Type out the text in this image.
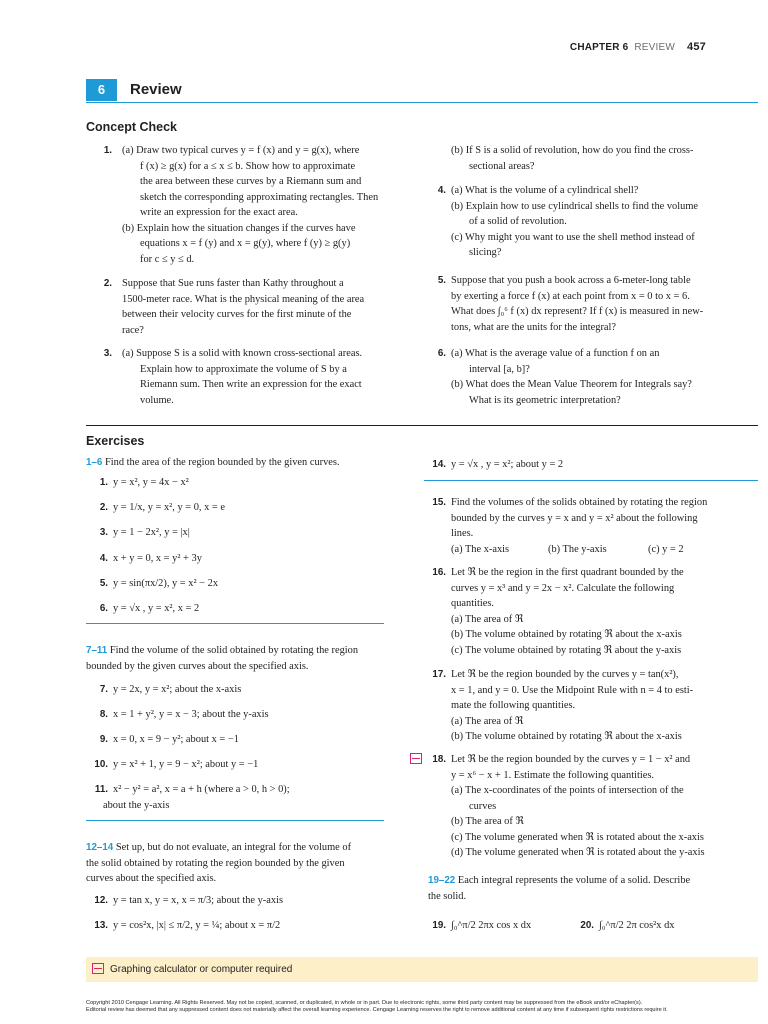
CHAPTER 6 REVIEW 457
6	Review
Concept Check
1. (a) Draw two typical curves y = f (x) and y = g(x), where
f (x) ≥ g(x) for a ≤ x ≤ b. Show how to approximate
the area between these curves by a Riemann sum and
sketch the corresponding approximating rectangles. Then
write an expression for the exact area.
(b) Explain how the situation changes if the curves have
equations x = f (y) and x = g(y), where f (y) ≥ g(y)
for c ≤ y ≤ d.
2. Suppose that Sue runs faster than Kathy throughout a
1500-meter race. What is the physical meaning of the area
between their velocity curves for the first minute of the
race?
3. (a) Suppose S is a solid with known cross-sectional areas.
Explain how to approximate the volume of S by a
Riemann sum. Then write an expression for the exact
volume.
(b) If S is a solid of revolution, how do you find the cross-
sectional areas?
4. (a) What is the volume of a cylindrical shell?
(b) Explain how to use cylindrical shells to find the volume
of a solid of revolution.
(c) Why might you want to use the shell method instead of
slicing?
5. Suppose that you push a book across a 6-meter-long table
by exerting a force f (x) at each point from x = 0 to x = 6.
What does ∫₀⁶ f (x) dx represent? If f (x) is measured in new-
tons, what are the units for the integral?
6. (a) What is the average value of a function f on an
interval [a, b]?
(b) What does the Mean Value Theorem for Integrals say?
What is its geometric interpretation?
Exercises
1–6 Find the area of the region bounded by the given curves.
1. y = x², y = 4x − x²
2. y = 1/x, y = x², y = 0, x = e
3. y = 1 − 2x², y = |x|
4. x + y = 0, x = y² + 3y
5. y = sin(πx/2), y = x² − 2x
6. y = √x , y = x², x = 2
7–11 Find the volume of the solid obtained by rotating the region
bounded by the given curves about the specified axis.
7. y = 2x, y = x²; about the x-axis
8. x = 1 + y², y = x − 3; about the y-axis
9. x = 0, x = 9 − y²; about x = −1
10. y = x² + 1, y = 9 − x²; about y = −1
11. x² − y² = a², x = a + h (where a > 0, h > 0);
about the y-axis
12–14 Set up, but do not evaluate, an integral for the volume of
the solid obtained by rotating the region bounded by the given
curves about the specified axis.
12. y = tan x, y = x, x = π/3; about the y-axis
13. y = cos²x, |x| ≤ π/2, y = ¼; about x = π/2
14. y = √x , y = x²; about y = 2
15. Find the volumes of the solids obtained by rotating the region
bounded by the curves y = x and y = x² about the following
lines.
(a) The x-axis	(b) The y-axis	(c) y = 2
16. Let ℜ be the region in the first quadrant bounded by the
curves y = x³ and y = 2x − x². Calculate the following
quantities.
(a) The area of ℜ
(b) The volume obtained by rotating ℜ about the x-axis
(c) The volume obtained by rotating ℜ about the y-axis
17. Let ℜ be the region bounded by the curves y = tan(x²),
x = 1, and y = 0. Use the Midpoint Rule with n = 4 to esti-
mate the following quantities.
(a) The area of ℜ
(b) The volume obtained by rotating ℜ about the x-axis
18. Let ℜ be the region bounded by the curves y = 1 − x² and
y = x⁶ − x + 1. Estimate the following quantities.
(a) The x-coordinates of the points of intersection of the
curves
(b) The area of ℜ
(c) The volume generated when ℜ is rotated about the x-axis
(d) The volume generated when ℜ is rotated about the y-axis
19–22 Each integral represents the volume of a solid. Describe
the solid.
19. ∫₀^π/2 2πx cos x dx	20. ∫₀^π/2 2π cos²x dx
Graphing calculator or computer required
Copyright 2010 Cengage Learning. All Rights Reserved. May not be copied, scanned, or duplicated, in whole or in part. Due to electronic rights, some third party content may be suppressed from the eBook and/or eChapter(s).
Editorial review has deemed that any suppressed content does not materially affect the overall learning experience. Cengage Learning reserves the right to remove additional content at any time if subsequent rights restrictions require it.
